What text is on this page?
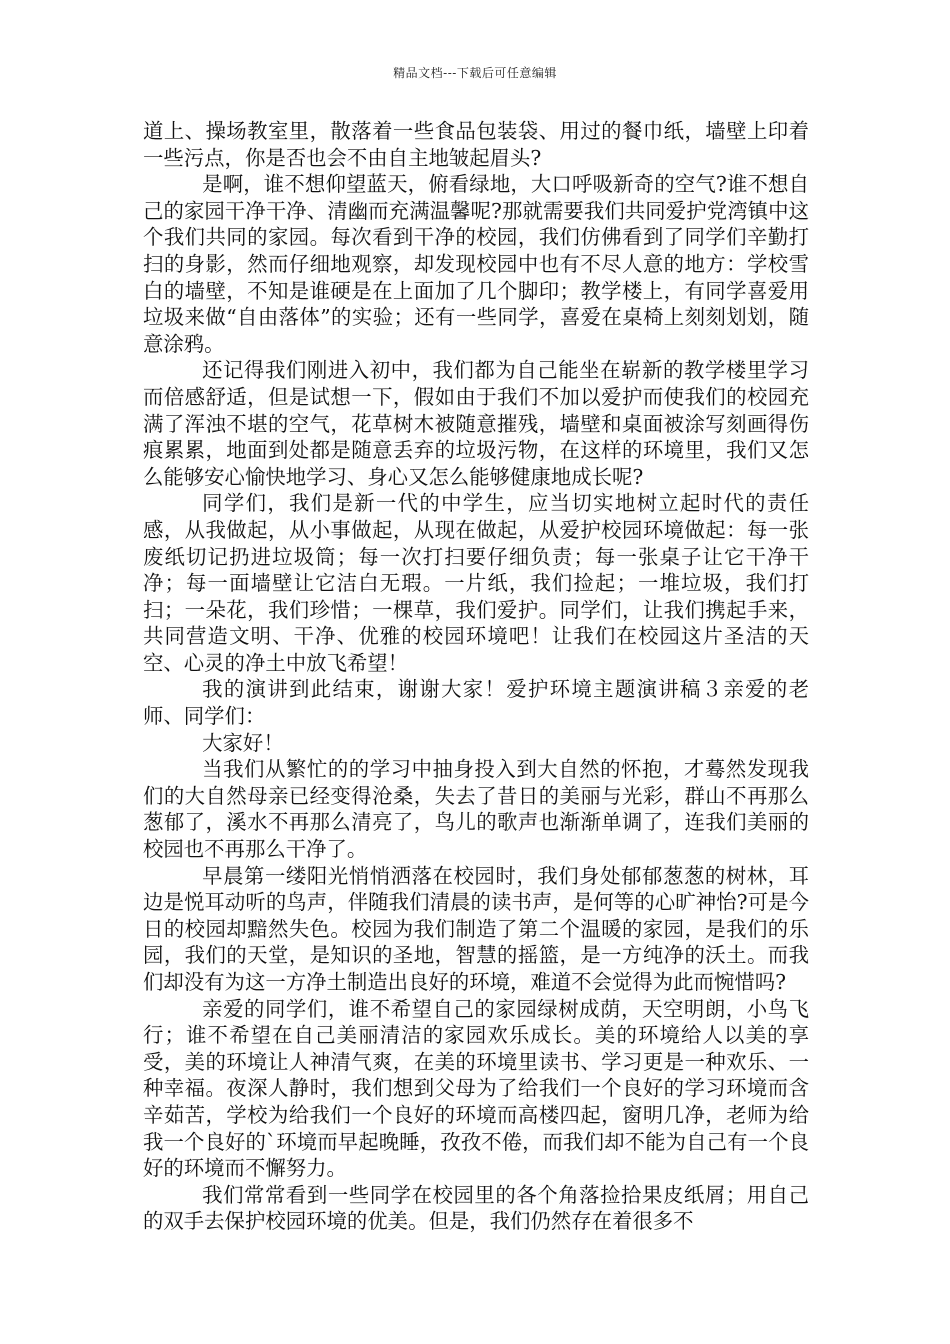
精品文档---下载后可任意编辑

道上、操场教室里，散落着一些食品包装袋、用过的餐巾纸，墙壁上印着一些污点，你是否也会不由自主地皱起眉头?

是啊，谁不想仰望蓝天，俯看绿地，大口呼吸新奇的空气?谁不想自己的家园干净干净、清幽而充满温馨呢?那就需要我们共同爱护党湾镇中这个我们共同的家园。每次看到干净的校园，我们仿佛看到了同学们辛勤打扫的身影，然而仔细地观察，却发现校园中也有不尽人意的地方：学校雪白的墙壁，不知是谁硬是在上面加了几个脚印；教学楼上，有同学喜爱用垃圾来做“自由落体”的实验；还有一些同学，喜爱在桌椅上刻刻划划，随意涂鸦。

还记得我们刚进入初中，我们都为自己能坐在崭新的教学楼里学习而倍感舒适，但是试想一下，假如由于我们不加以爱护而使我们的校园充满了浑浊不堪的空气，花草树木被随意摧残，墙壁和桌面被涂写刻画得伤痕累累，地面到处都是随意丢弃的垃圾污物，在这样的环境里，我们又怎么能够安心愉快地学习、身心又怎么能够健康地成长呢?

同学们，我们是新一代的中学生，应当切实地树立起时代的责任感，从我做起，从小事做起，从现在做起，从爱护校园环境做起：每一张废纸切记扔进垃圾筒；每一次打扫要仔细负责；每一张桌子让它干净干净；每一面墙壁让它洁白无瑕。一片纸，我们捡起；一堆垃圾，我们打扫；一朵花，我们珍惜；一棵草，我们爱护。同学们，让我们携起手来，共同营造文明、干净、优雅的校园环境吧！让我们在校园这片圣洁的天空、心灵的净土中放飞希望！

我的演讲到此结束，谢谢大家！爱护环境主题演讲稿３亲爱的老师、同学们：

大家好！

当我们从繁忙的的学习中抽身投入到大自然的怀抱，才蓦然发现我们的大自然母亲已经变得沧桑，失去了昔日的美丽与光彩，群山不再那么葱郁了，溪水不再那么清亮了，鸟儿的歌声也渐渐单调了，连我们美丽的校园也不再那么干净了。

早晨第一缕阳光悄悄洒落在校园时，我们身处郁郁葱葱的树林，耳边是悦耳动听的鸟声，伴随我们清晨的读书声，是何等的心旷神怡?可是今日的校园却黯然失色。校园为我们制造了第二个温暖的家园，是我们的乐园，我们的天堂，是知识的圣地，智慧的摇篮，是一方纯净的沃土。而我们却没有为这一方净土制造出良好的环境，难道不会觉得为此而惋惜吗?

亲爱的同学们，谁不希望自己的家园绿树成荫，天空明朗，小鸟飞行；谁不希望在自己美丽清洁的家园欢乐成长。美的环境给人以美的享受，美的环境让人神清气爽，在美的环境里读书、学习更是一种欢乐、一种幸福。夜深人静时，我们想到父母为了给我们一个良好的学习环境而含辛茹苦，学校为给我们一个良好的环境而高楼四起，窗明几净，老师为给我一个良好的`环境而早起晚睡，孜孜不倦，而我们却不能为自己有一个良好的环境而不懈努力。

我们常常看到一些同学在校园里的各个角落捡拾果皮纸屑；用自己的双手去保护校园环境的优美。但是，我们仍然存在着很多不
